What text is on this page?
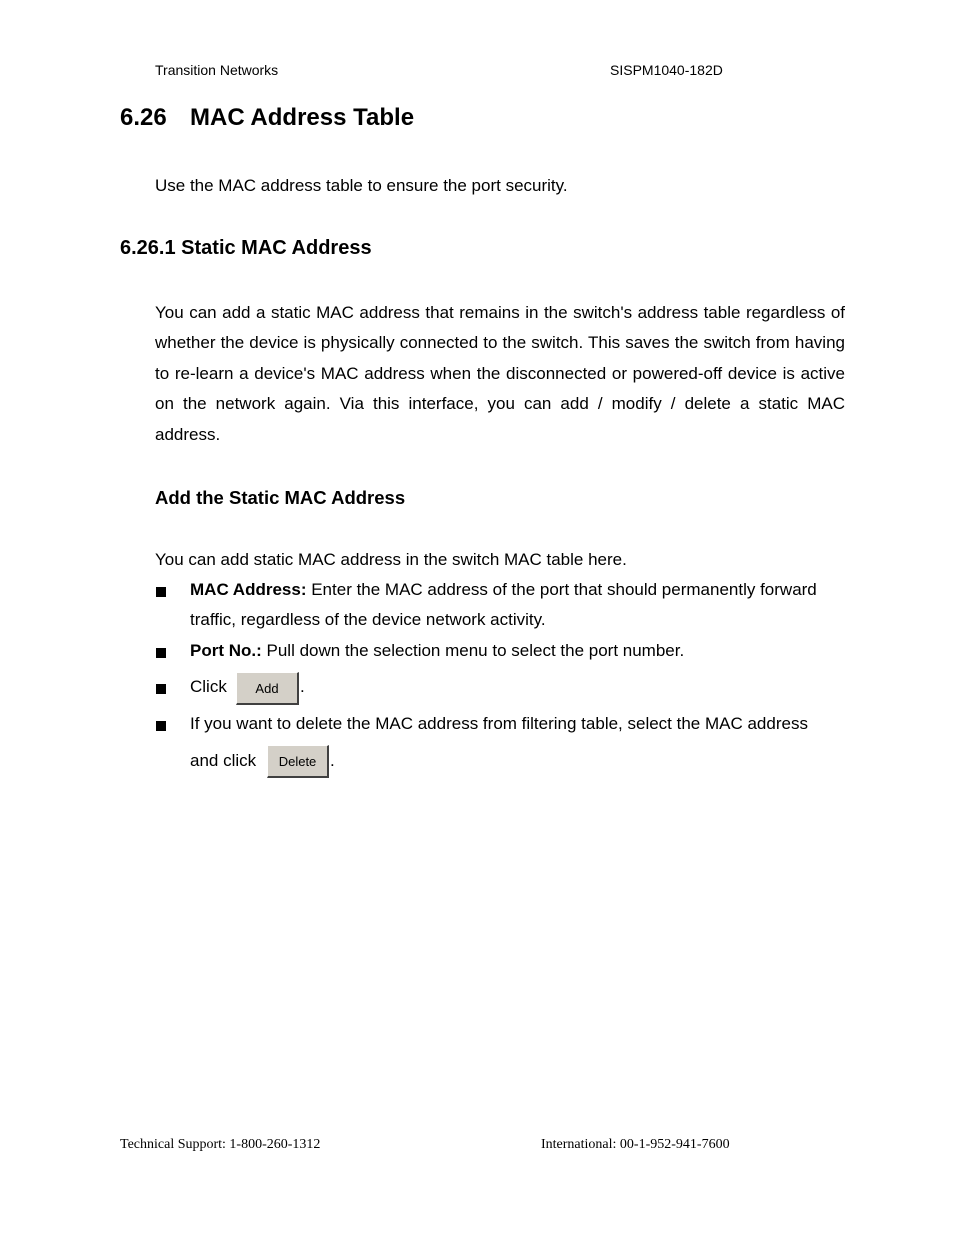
Transition Networks	SISPM1040-182D
6.26 MAC Address Table
Use the MAC address table to ensure the port security.
6.26.1 Static MAC Address
You can add a static MAC address that remains in the switch's address table regardless of whether the device is physically connected to the switch. This saves the switch from having to re-learn a device's MAC address when the disconnected or powered-off device is active on the network again. Via this interface, you can add / modify / delete a static MAC address.
Add the Static MAC Address
You can add static MAC address in the switch MAC table here.
MAC Address: Enter the MAC address of the port that should permanently forward
traffic, regardless of the device network activity.
Port No.: Pull down the selection menu to select the port number.
Click	Add	.
If you want to delete the MAC address from filtering table, select the MAC address
and click	Delete .
Technical Support: 1-800-260-1312	International: 00-1-952-941-7600
